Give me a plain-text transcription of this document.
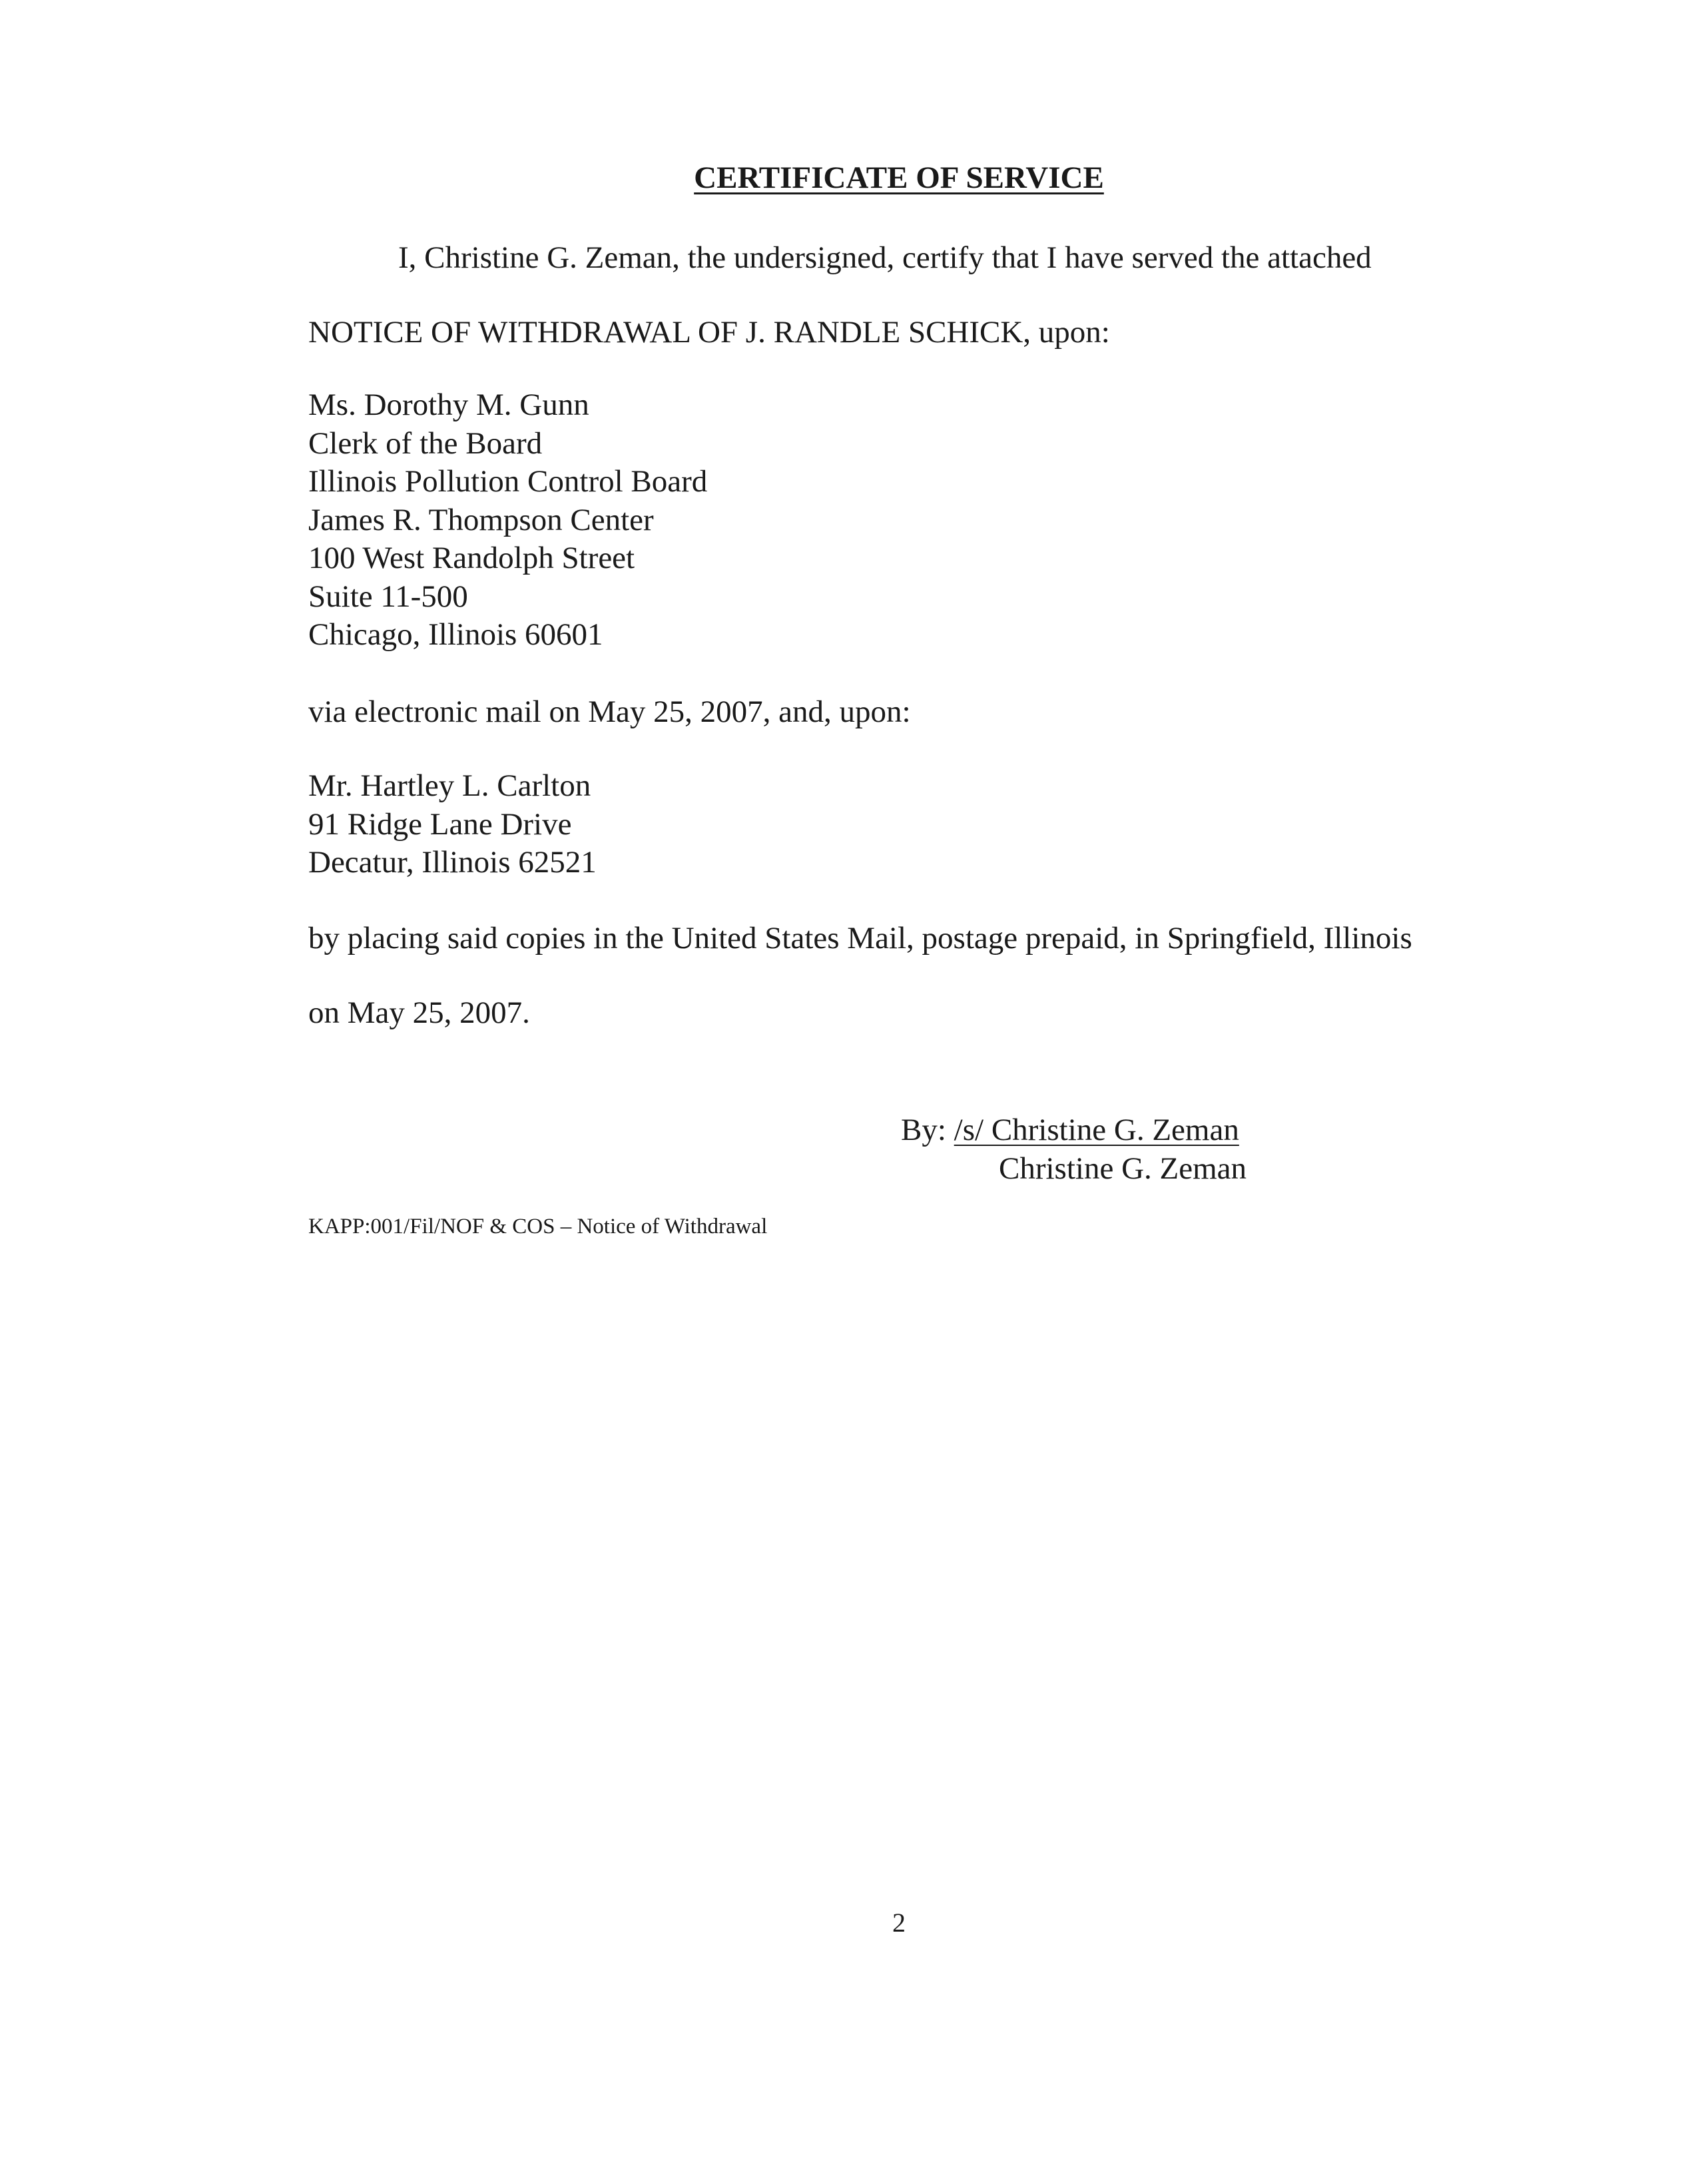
CERTIFICATE OF SERVICE
I, Christine G. Zeman, the undersigned, certify that I have served the attached
NOTICE OF WITHDRAWAL OF J. RANDLE SCHICK, upon:
Ms. Dorothy M. Gunn
Clerk of the Board
Illinois Pollution Control Board
James R. Thompson Center
100 West Randolph Street
Suite 11-500
Chicago, Illinois 60601
via electronic mail on May 25, 2007, and, upon:
Mr. Hartley L. Carlton
91 Ridge Lane Drive
Decatur, Illinois 62521
by placing said copies in the United States Mail, postage prepaid, in Springfield, Illinois
on May 25, 2007.
By: /s/ Christine G. Zeman
Christine G. Zeman
KAPP:001/Fil/NOF & COS – Notice of Withdrawal
2
